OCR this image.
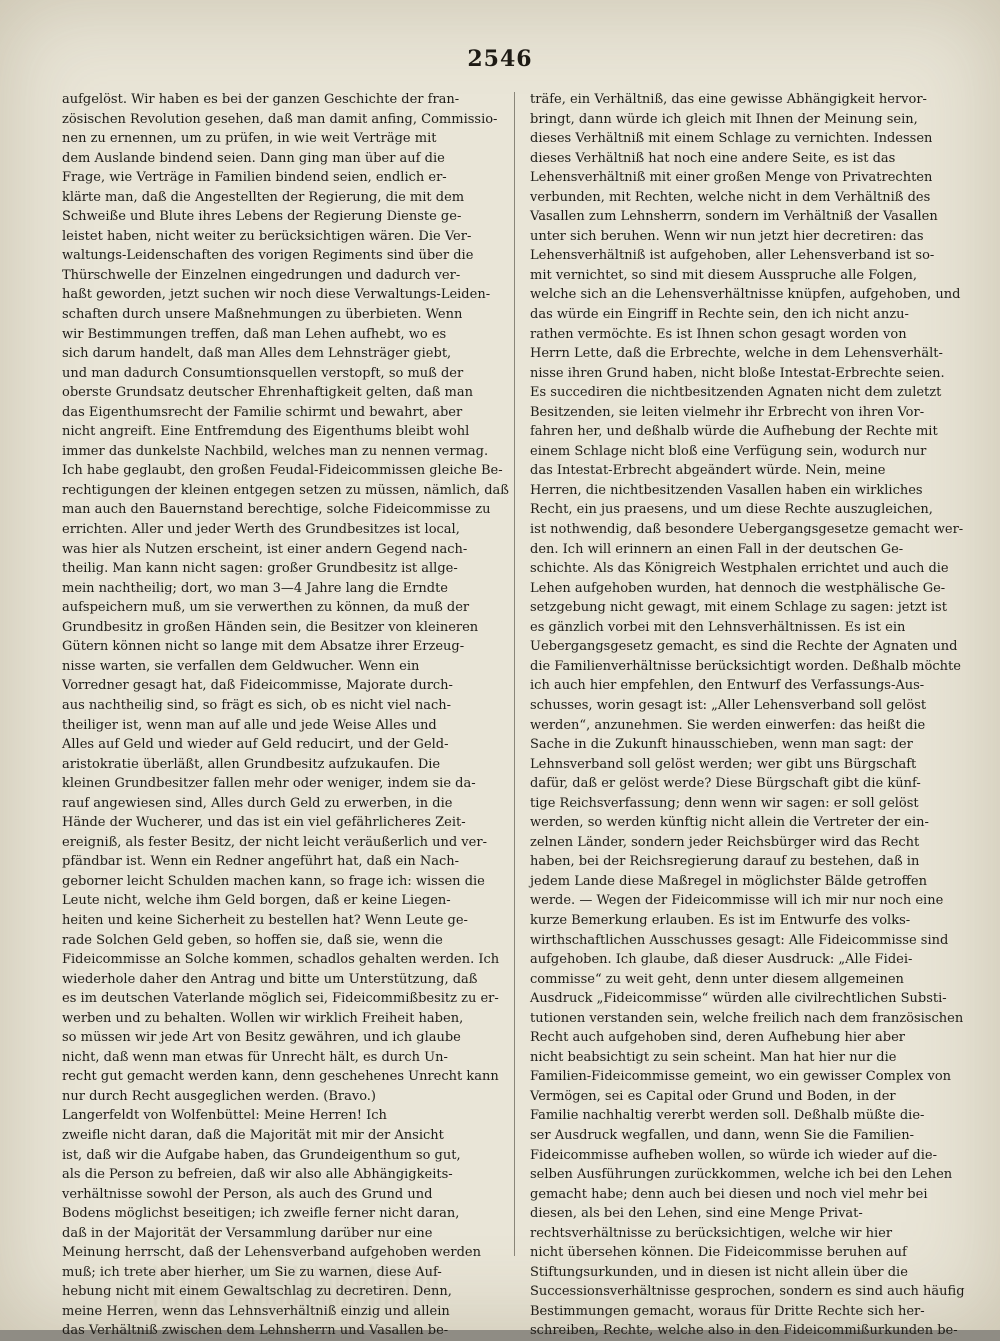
2546
aufgelöst. Wir haben es bei der ganzen Geschichte der fran-
zösischen Revolution gesehen, daß man damit anfing, Commissio-
nen zu ernennen, um zu prüfen, in wie weit Verträge mit
dem Auslande bindend seien. Dann ging man über auf die
Frage, wie Verträge in Familien bindend seien, endlich er-
klärte man, daß die Angestellten der Regierung, die mit dem
Schweiße und Blute ihres Lebens der Regierung Dienste ge-
leistet haben, nicht weiter zu berücksichtigen wären. Die Ver-
waltungs-Leidenschaften des vorigen Regiments sind über die
Thürschwelle der Einzelnen eingedrungen und dadurch ver-
haßt geworden, jetzt suchen wir noch diese Verwaltungs-Leiden-
schaften durch unsere Maßnehmungen zu überbieten. Wenn
wir Bestimmungen treffen, daß man Lehen aufhebt, wo es
sich darum handelt, daß man Alles dem Lehnsträger giebt,
und man dadurch Consumtionsquellen verstopft, so muß der
oberste Grundsatz deutscher Ehrenhaftigkeit gelten, daß man
das Eigenthumsrecht der Familie schirmt und bewahrt, aber
nicht angreift. Eine Entfremdung des Eigenthums bleibt wohl
immer das dunkelste Nachbild, welches man zu nennen vermag.
Ich habe geglaubt, den großen Feudal-Fideicommissen gleiche Be-
rechtigungen der kleinen entgegen setzen zu müssen, nämlich, daß
man auch den Bauernstand berechtige, solche Fideicommisse zu
errichten. Aller und jeder Werth des Grundbesitzes ist local,
was hier als Nutzen erscheint, ist einer andern Gegend nach-
theilig. Man kann nicht sagen: großer Grundbesitz ist allge-
mein nachtheilig; dort, wo man 3—4 Jahre lang die Erndte
aufspeichern muß, um sie verwerthen zu können, da muß der
Grundbesitz in großen Händen sein, die Besitzer von kleineren
Gütern können nicht so lange mit dem Absatze ihrer Erzeug-
nisse warten, sie verfallen dem Geldwucher. Wenn ein
Vorredner gesagt hat, daß Fideicommisse, Majorate durch-
aus nachtheilig sind, so frägt es sich, ob es nicht viel nach-
theiliger ist, wenn man auf alle und jede Weise Alles und
Alles auf Geld und wieder auf Geld reducirt, und der Geld-
aristokratie überläßt, allen Grundbesitz aufzukaufen. Die
kleinen Grundbesitzer fallen mehr oder weniger, indem sie da-
rauf angewiesen sind, Alles durch Geld zu erwerben, in die
Hände der Wucherer, und das ist ein viel gefährlicheres Zeit-
ereigniß, als fester Besitz, der nicht leicht veräußerlich und ver-
pfändbar ist. Wenn ein Redner angeführt hat, daß ein Nach-
geborner leicht Schulden machen kann, so frage ich: wissen die
Leute nicht, welche ihm Geld borgen, daß er keine Liegen-
heiten und keine Sicherheit zu bestellen hat? Wenn Leute ge-
rade Solchen Geld geben, so hoffen sie, daß sie, wenn die
Fideicommisse an Solche kommen, schadlos gehalten werden. Ich
wiederhole daher den Antrag und bitte um Unterstützung, daß
es im deutschen Vaterlande möglich sei, Fideicommißbesitz zu er-
werben und zu behalten. Wollen wir wirklich Freiheit haben,
so müssen wir jede Art von Besitz gewähren, und ich glaube
nicht, daß wenn man etwas für Unrecht hält, es durch Un-
recht gut gemacht werden kann, denn geschehenes Unrecht kann
nur durch Recht ausgeglichen werden. (Bravo.)
Langerfeldt von Wolfenbüttel: Meine Herren! Ich
zweifle nicht daran, daß die Majorität mit mir der Ansicht
ist, daß wir die Aufgabe haben, das Grundeigenthum so gut,
als die Person zu befreien, daß wir also alle Abhängigkeits-
verhältnisse sowohl der Person, als auch des Grund und
Bodens möglichst beseitigen; ich zweifle ferner nicht daran,
daß in der Majorität der Versammlung darüber nur eine
Meinung herrscht, daß der Lehensverband aufgehoben werden
muß; ich trete aber hierher, um Sie zu warnen, diese Auf-
hebung nicht mit einem Gewaltschlag zu decretiren. Denn,
meine Herren, wenn das Lehnsverhältniß einzig und allein
das Verhältniß zwischen dem Lehnsherrn und Vasallen be-
träfe, ein Verhältniß, das eine gewisse Abhängigkeit hervor-
bringt, dann würde ich gleich mit Ihnen der Meinung sein,
dieses Verhältniß mit einem Schlage zu vernichten. Indessen
dieses Verhältniß hat noch eine andere Seite, es ist das
Lehensverhältniß mit einer großen Menge von Privatrechten
verbunden, mit Rechten, welche nicht in dem Verhältniß des
Vasallen zum Lehnsherrn, sondern im Verhältniß der Vasallen
unter sich beruhen. Wenn wir nun jetzt hier decretiren: das
Lehensverhältniß ist aufgehoben, aller Lehensverband ist so-
mit vernichtet, so sind mit diesem Ausspruche alle Folgen,
welche sich an die Lehensverhältnisse knüpfen, aufgehoben, und
das würde ein Eingriff in Rechte sein, den ich nicht anzu-
rathen vermöchte. Es ist Ihnen schon gesagt worden von
Herrn Lette, daß die Erbrechte, welche in dem Lehensverhält-
nisse ihren Grund haben, nicht bloße Intestat-Erbrechte seien.
Es succediren die nichtbesitzenden Agnaten nicht dem zuletzt
Besitzenden, sie leiten vielmehr ihr Erbrecht von ihren Vor-
fahren her, und deßhalb würde die Aufhebung der Rechte mit
einem Schlage nicht bloß eine Verfügung sein, wodurch nur
das Intestat-Erbrecht abgeändert würde. Nein, meine
Herren, die nichtbesitzenden Vasallen haben ein wirkliches
Recht, ein jus praesens, und um diese Rechte auszugleichen,
ist nothwendig, daß besondere Uebergangsgesetze gemacht wer-
den. Ich will erinnern an einen Fall in der deutschen Ge-
schichte. Als das Königreich Westphalen errichtet und auch die
Lehen aufgehoben wurden, hat dennoch die westphälische Ge-
setzgebung nicht gewagt, mit einem Schlage zu sagen: jetzt ist
es gänzlich vorbei mit den Lehnsverhältnissen. Es ist ein
Uebergangsgesetz gemacht, es sind die Rechte der Agnaten und
die Familienverhältnisse berücksichtigt worden. Deßhalb möchte
ich auch hier empfehlen, den Entwurf des Verfassungs-Aus-
schusses, worin gesagt ist: „Aller Lehensverband soll gelöst
werden“, anzunehmen. Sie werden einwerfen: das heißt die
Sache in die Zukunft hinausschieben, wenn man sagt: der
Lehnsverband soll gelöst werden; wer gibt uns Bürgschaft
dafür, daß er gelöst werde? Diese Bürgschaft gibt die künf-
tige Reichsverfassung; denn wenn wir sagen: er soll gelöst
werden, so werden künftig nicht allein die Vertreter der ein-
zelnen Länder, sondern jeder Reichsbürger wird das Recht
haben, bei der Reichsregierung darauf zu bestehen, daß in
jedem Lande diese Maßregel in möglichster Bälde getroffen
werde. — Wegen der Fideicommisse will ich mir nur noch eine
kurze Bemerkung erlauben. Es ist im Entwurfe des volks-
wirthschaftlichen Ausschusses gesagt: Alle Fideicommisse sind
aufgehoben. Ich glaube, daß dieser Ausdruck: „Alle Fidei-
commisse“ zu weit geht, denn unter diesem allgemeinen
Ausdruck „Fideicommisse“ würden alle civilrechtlichen Substi-
tutionen verstanden sein, welche freilich nach dem französischen
Recht auch aufgehoben sind, deren Aufhebung hier aber
nicht beabsichtigt zu sein scheint. Man hat hier nur die
Familien-Fideicommisse gemeint, wo ein gewisser Complex von
Vermögen, sei es Capital oder Grund und Boden, in der
Familie nachhaltig vererbt werden soll. Deßhalb müßte die-
ser Ausdruck wegfallen, und dann, wenn Sie die Familien-
Fideicommisse aufheben wollen, so würde ich wieder auf die-
selben Ausführungen zurückkommen, welche ich bei den Lehen
gemacht habe; denn auch bei diesen und noch viel mehr bei
diesen, als bei den Lehen, sind eine Menge Privat-
rechtsverhältnisse zu berücksichtigen, welche wir hier
nicht übersehen können. Die Fideicommisse beruhen auf
Stiftungsurkunden, und in diesen ist nicht allein über die
Successionsverhältnisse gesprochen, sondern es sind auch häufig
Bestimmungen gemacht, woraus für Dritte Rechte sich her-
schreiben, Rechte, welche also in den Fideicommißurkunden be-
